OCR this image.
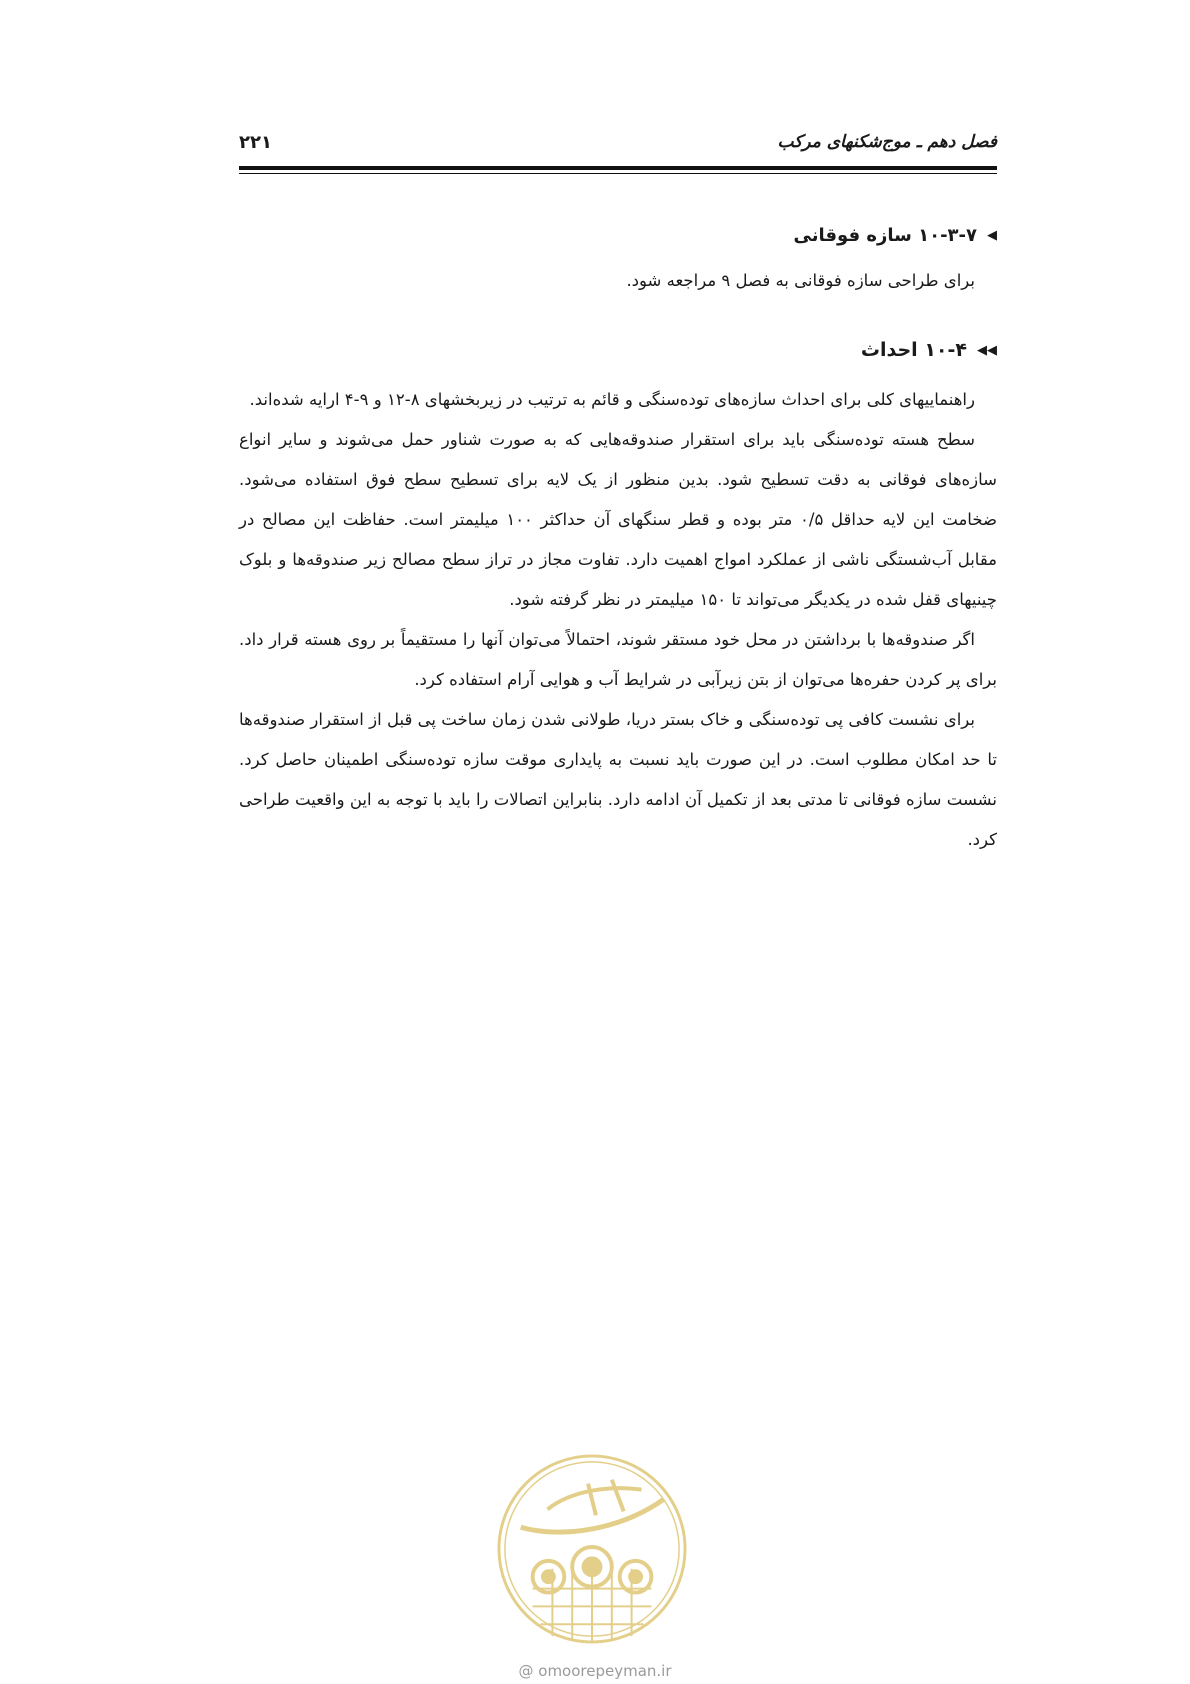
فصل دهم ـ موج‌شکنهای مرکب
۲۲۱
◀۱۰-۳-۷ سازه فوقانی

برای طراحی سازه فوقانی به فصل ۹ مراجعه شود.

◀◀۱۰-۴ احداث

راهنماییهای کلی برای احداث سازه‌های توده‌سنگی و قائم به ترتیب در زیربخشهای ۸-۱۲ و ۹-۴ ارایه شده‌اند.

سطح هسته توده‌سنگی باید برای استقرار صندوقه‌هایی که به صورت شناور حمل می‌شوند و سایر انواع سازه‌های فوقانی به دقت تسطیح شود. بدین منظور از یک لایه برای تسطیح سطح فوق استفاده می‌شود. ضخامت این لایه حداقل ۰/۵ متر بوده و قطر سنگهای آن حداکثر ۱۰۰ میلیمتر است. حفاظت این مصالح در مقابل آب‌شستگی ناشی از عملکرد امواج اهمیت دارد. تفاوت مجاز در تراز سطح مصالح زیر صندوقه‌ها و بلوک چینیهای قفل شده در یکدیگر می‌تواند تا ۱۵۰ میلیمتر در نظر گرفته شود.

اگر صندوقه‌ها با برداشتن در محل خود مستقر شوند، احتمالاً می‌توان آنها را مستقیماً بر روی هسته قرار داد. برای پر کردن حفره‌ها می‌توان از بتن زیرآبی در شرایط آب و هوایی آرام استفاده کرد.

برای نشست کافی پی توده‌سنگی و خاک بستر دریا، طولانی شدن زمان ساخت پی قبل از استقرار صندوقه‌ها تا حد امکان مطلوب است. در این صورت باید نسبت به پایداری موقت سازه توده‌سنگی اطمینان حاصل کرد. نشست سازه فوقانی تا مدتی بعد از تکمیل آن ادامه دارد. بنابراین اتصالات را باید با توجه به این واقعیت طراحی کرد.

@ omoorepeyman.ir
